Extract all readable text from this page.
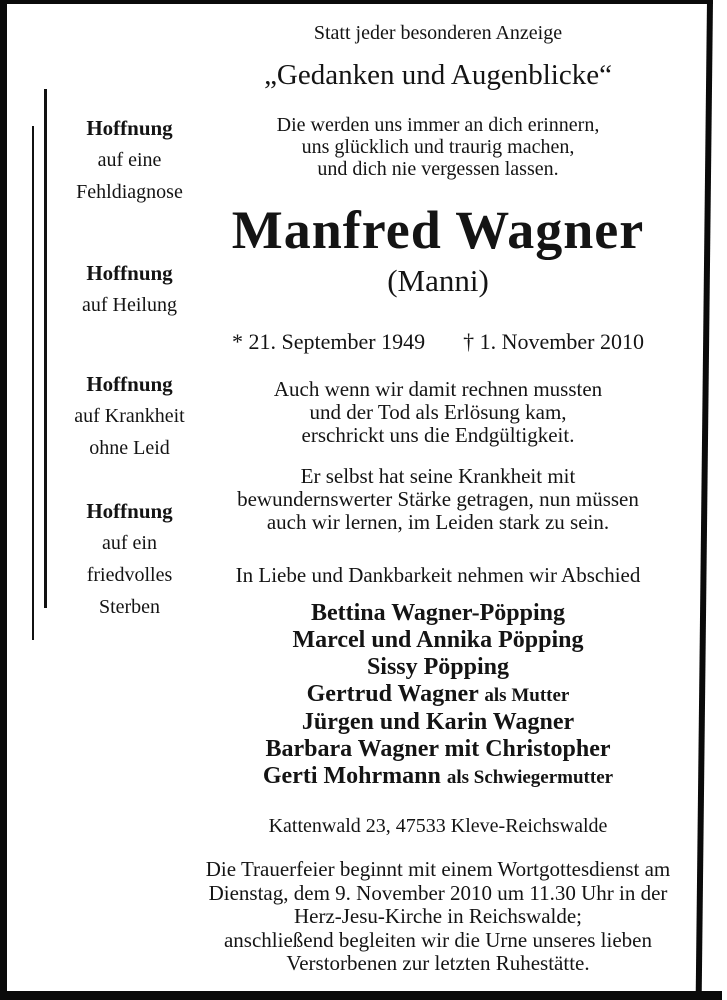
Hoffnung
auf eine
Fehldiagnose
Hoffnung
auf Heilung
Hoffnung
auf Krankheit
ohne Leid
Hoffnung
auf ein
friedvolles
Sterben
Statt jeder besonderen Anzeige
„Gedanken und Augenblicke“
Die werden uns immer an dich erinnern,
uns glücklich und traurig machen,
und dich nie vergessen lassen.
Manfred Wagner
(Manni)
* 21. September 1949 † 1. November 2010
Auch wenn wir damit rechnen mussten
und der Tod als Erlösung kam,
erschrickt uns die Endgültigkeit.
Er selbst hat seine Krankheit mit
bewundernswerter Stärke getragen, nun müssen
auch wir lernen, im Leiden stark zu sein.
In Liebe und Dankbarkeit nehmen wir Abschied
Bettina Wagner-Pöpping
Marcel und Annika Pöpping
Sissy Pöpping
Gertrud Wagner als Mutter
Jürgen und Karin Wagner
Barbara Wagner mit Christopher
Gerti Mohrmann als Schwiegermutter
Kattenwald 23, 47533 Kleve-Reichswalde
Die Trauerfeier beginnt mit einem Wortgottesdienst am
Dienstag, dem 9. November 2010 um 11.30 Uhr in der
Herz-Jesu-Kirche in Reichswalde;
anschließend begleiten wir die Urne unseres lieben
Verstorbenen zur letzten Ruhestätte.
